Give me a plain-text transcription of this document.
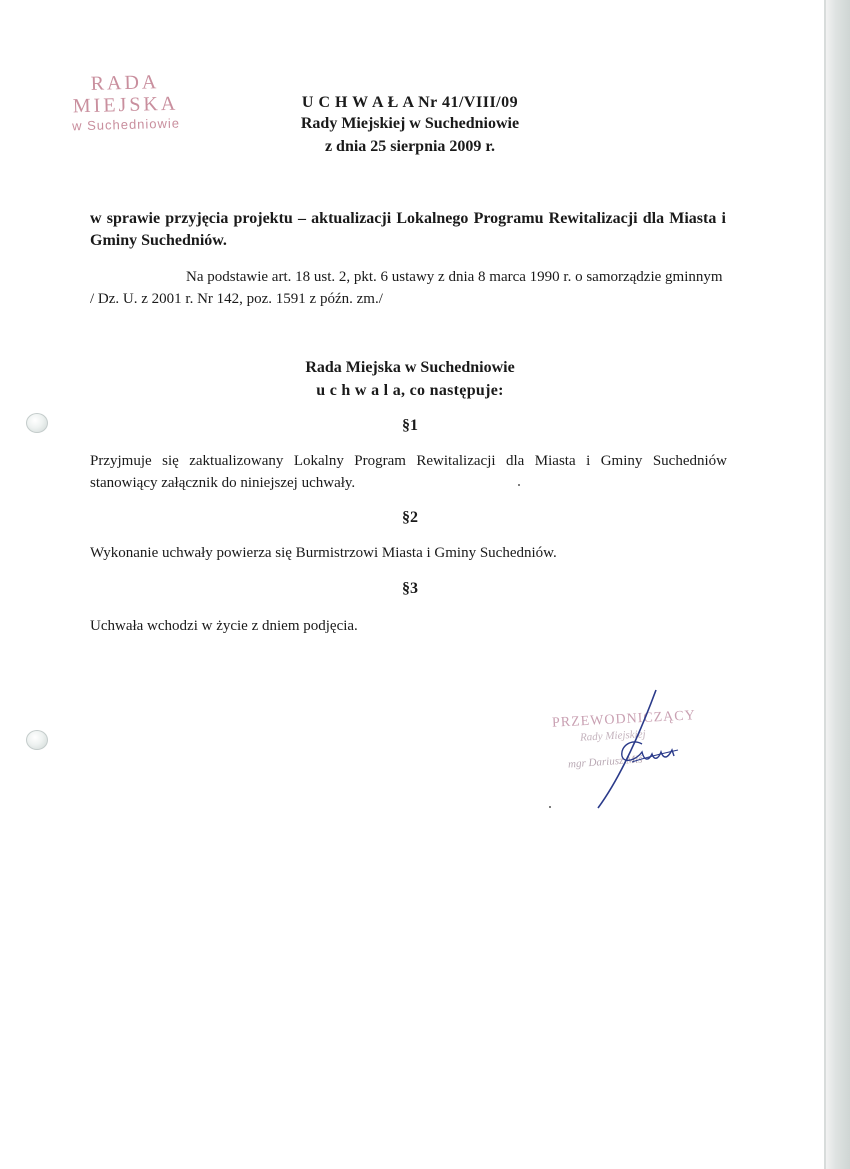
RADA MIEJSKA
w Suchedniowie
U C H W A Ł A Nr 41/VIII/09
Rady Miejskiej w Suchedniowie
z dnia 25 sierpnia 2009 r.
w sprawie przyjęcia projektu – aktualizacji Lokalnego Programu Rewitalizacji dla Miasta i Gminy Suchedniów.
Na podstawie art. 18 ust. 2, pkt. 6 ustawy z dnia 8 marca 1990 r. o samorządzie gminnym / Dz. U. z 2001 r. Nr 142, poz. 1591 z późn. zm./
Rada Miejska w Suchedniowie
u c h w a l a, co następuje:
§1
Przyjmuje się zaktualizowany Lokalny Program Rewitalizacji dla Miasta i Gminy Suchedniów stanowiący załącznik do niniejszej uchwały.
§2
Wykonanie uchwały powierza się Burmistrzowi Miasta i Gminy Suchedniów.
§3
Uchwała wchodzi w życie z dniem podjęcia.
PRZEWODNICZĄCY
Rady Miejskiej
mgr Dariusz Miś
